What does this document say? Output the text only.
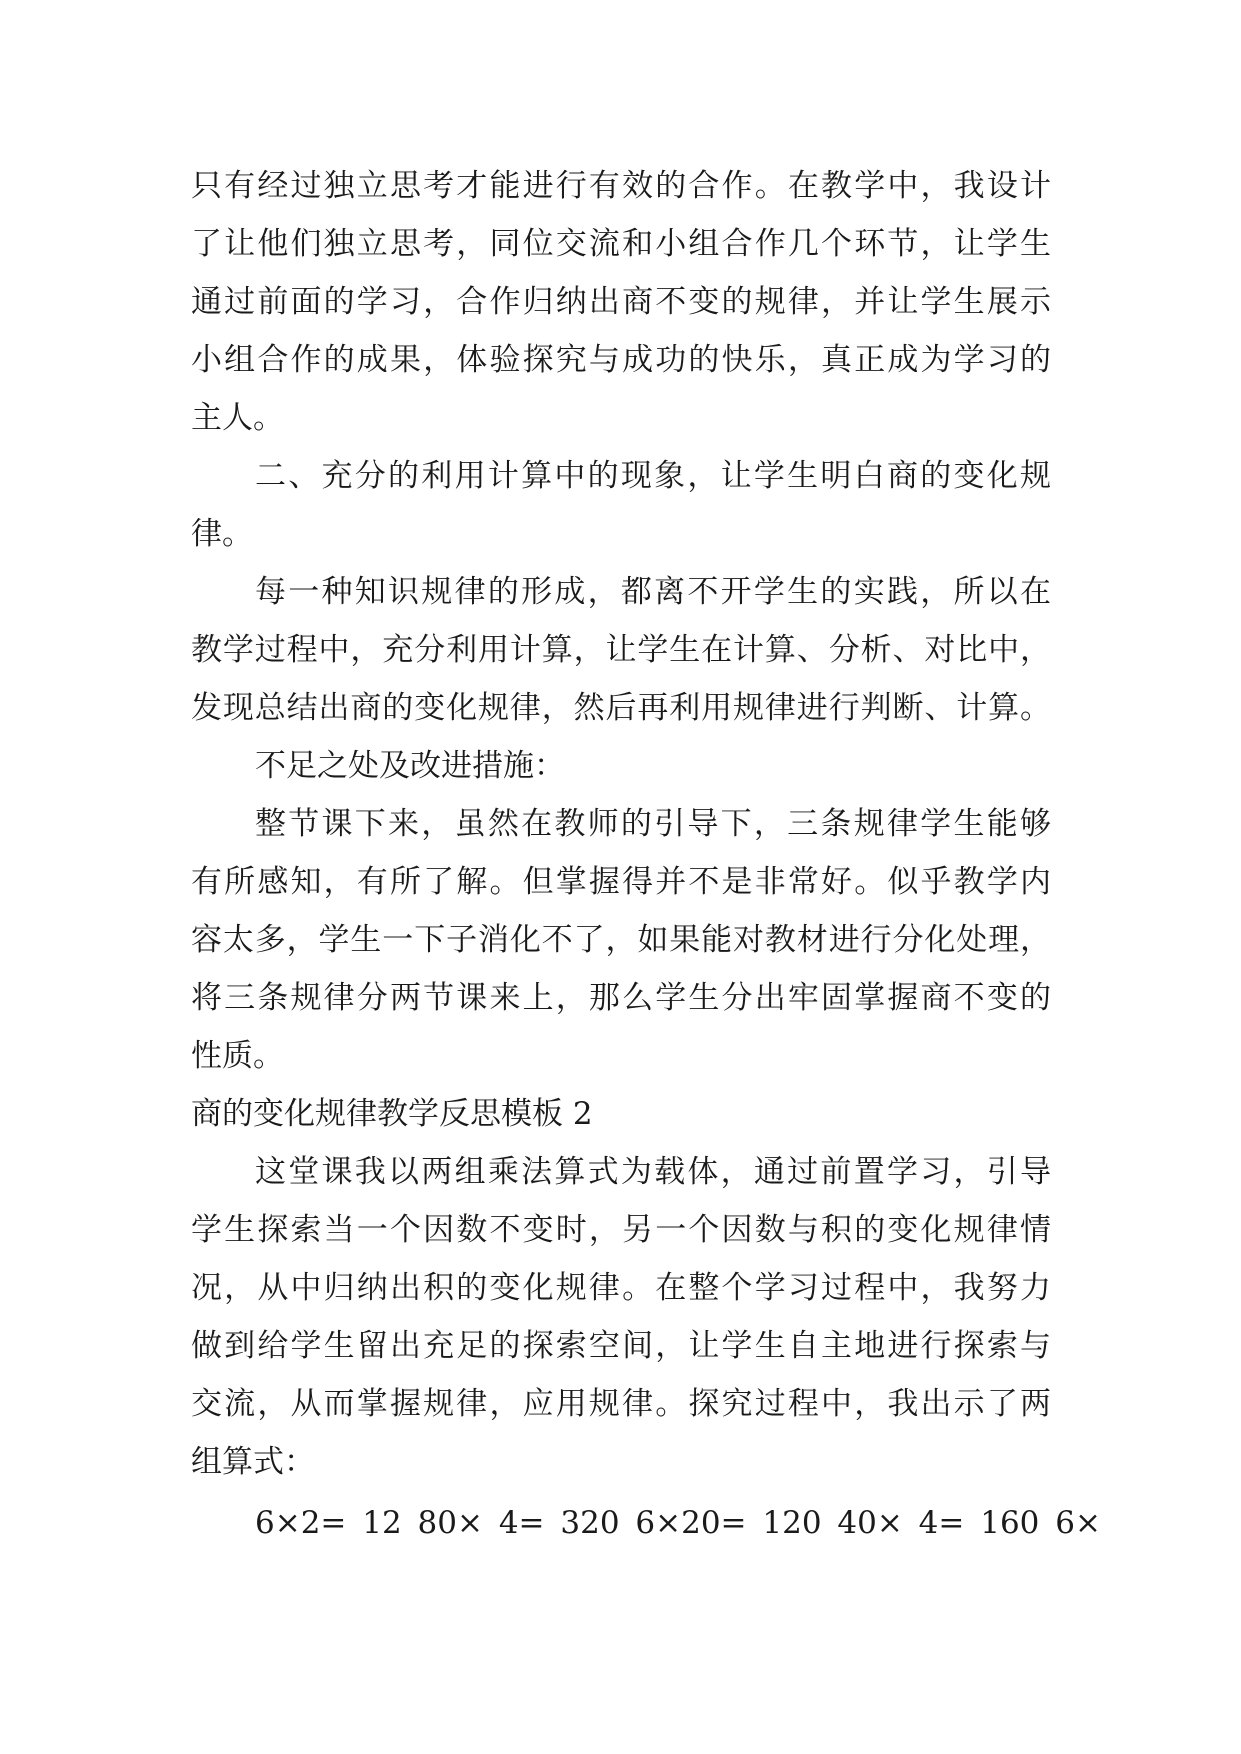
只有经过独立思考才能进行有效的合作。在教学中，我设计
了让他们独立思考，同位交流和小组合作几个环节，让学生
通过前面的学习，合作归纳出商不变的规律，并让学生展示
小组合作的成果，体验探究与成功的快乐，真正成为学习的
主人。
二、充分的利用计算中的现象，让学生明白商的变化规
律。
每一种知识规律的形成，都离不开学生的实践，所以在
教学过程中，充分利用计算，让学生在计算、分析、对比中，
发现总结出商的变化规律，然后再利用规律进行判断、计算。
不足之处及改进措施：
整节课下来，虽然在教师的引导下，三条规律学生能够
有所感知，有所了解。但掌握得并不是非常好。似乎教学内
容太多，学生一下子消化不了，如果能对教材进行分化处理，
将三条规律分两节课来上，那么学生分出牢固掌握商不变的
性质。
商的变化规律教学反思模板 2
这堂课我以两组乘法算式为载体，通过前置学习，引导
学生探索当一个因数不变时，另一个因数与积的变化规律情
况，从中归纳出积的变化规律。在整个学习过程中，我努力
做到给学生留出充足的探索空间，让学生自主地进行探索与
交流，从而掌握规律，应用规律。探究过程中，我出示了两
组算式：
6×2= 12 80× 4= 320 6×20= 120 40× 4= 160 6×
